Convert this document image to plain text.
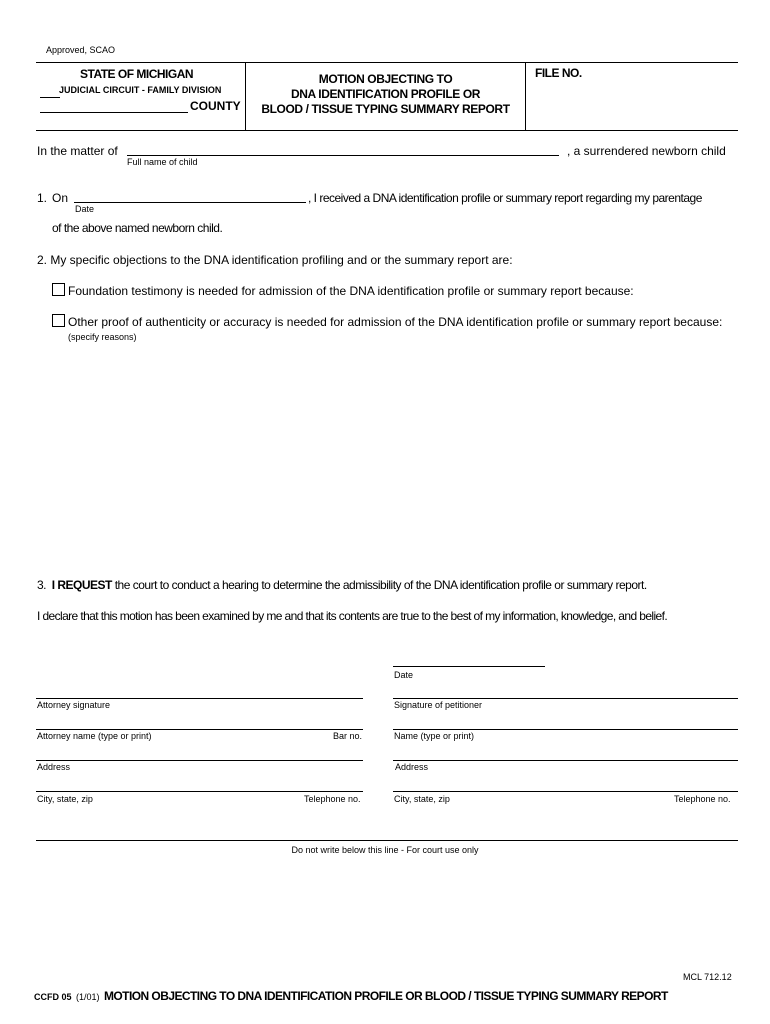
Approved, SCAO
STATE OF MICHIGAN
JUDICIAL CIRCUIT - FAMILY DIVISION
COUNTY
MOTION OBJECTING TO
DNA IDENTIFICATION PROFILE OR
BLOOD / TISSUE TYPING SUMMARY REPORT
FILE NO.
In the matter of	, a surrendered newborn child
Full name of child
1. On	, I received a DNA identification profile or summary report regarding my parentage
Date
of the above named newborn child.
2. My specific objections to the DNA identification profiling and or the summary report are:
Foundation testimony is needed for admission of the DNA identification profile or summary report because:
Other proof of authenticity or accuracy is needed for admission of the DNA identification profile or summary report because:
(specify reasons)
3. I REQUEST the court to conduct a hearing to determine the admissibility of the DNA identification profile or summary report.
I declare that this motion has been examined by me and that its contents are true to the best of my information, knowledge, and belief.
Date
Attorney signature	Signature of petitioner
Attorney name (type or print)	Bar no.	Name (type or print)
Address	Address
City, state, zip	Telephone no.	City, state, zip	Telephone no.
Do not write below this line - For court use only
MCL 712.12
CCFD 05 (1/01) MOTION OBJECTING TO DNA IDENTIFICATION PROFILE OR BLOOD / TISSUE TYPING SUMMARY REPORT
